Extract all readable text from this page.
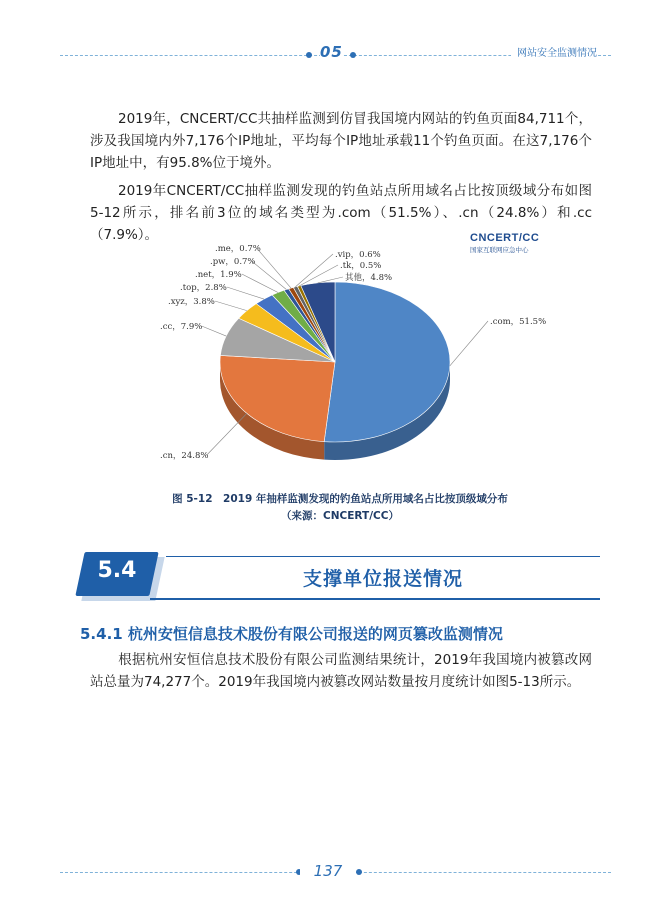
05	网站安全监测情况
2019年，CNCERT/CC共抽样监测到仿冒我国境内网站的钓鱼页面84,711个，涉及我国境内外7,176个IP地址，平均每个IP地址承载11个钓鱼页面。在这7,176个IP地址中，有95.8%位于境外。
2019年CNCERT/CC抽样监测发现的钓鱼站点所用域名占比按顶级域分布如图5-12所示，排名前3位的域名类型为.com（51.5%）、.cn（24.8%）和.cc（7.9%）。
.com，51.5%
.cn，24.8%
.cc，7.9%
.xyz，3.8%
.top，2.8%
.net，1.9%
.pw，0.7%
.me，0.7%
.vip，0.6%
.tk，0.5%
其他，4.8%
CNCERT/CC
国家互联网应急中心
图 5-12　2019 年抽样监测发现的钓鱼站点所用域名占比按顶级域分布
（来源：CNCERT/CC）
5.4	支撑单位报送情况
5.4.1 杭州安恒信息技术股份有限公司报送的网页篡改监测情况
根据杭州安恒信息技术股份有限公司监测结果统计，2019年我国境内被篡改网站总量为74,277个。2019年我国境内被篡改网站数量按月度统计如图5-13所示。
137
